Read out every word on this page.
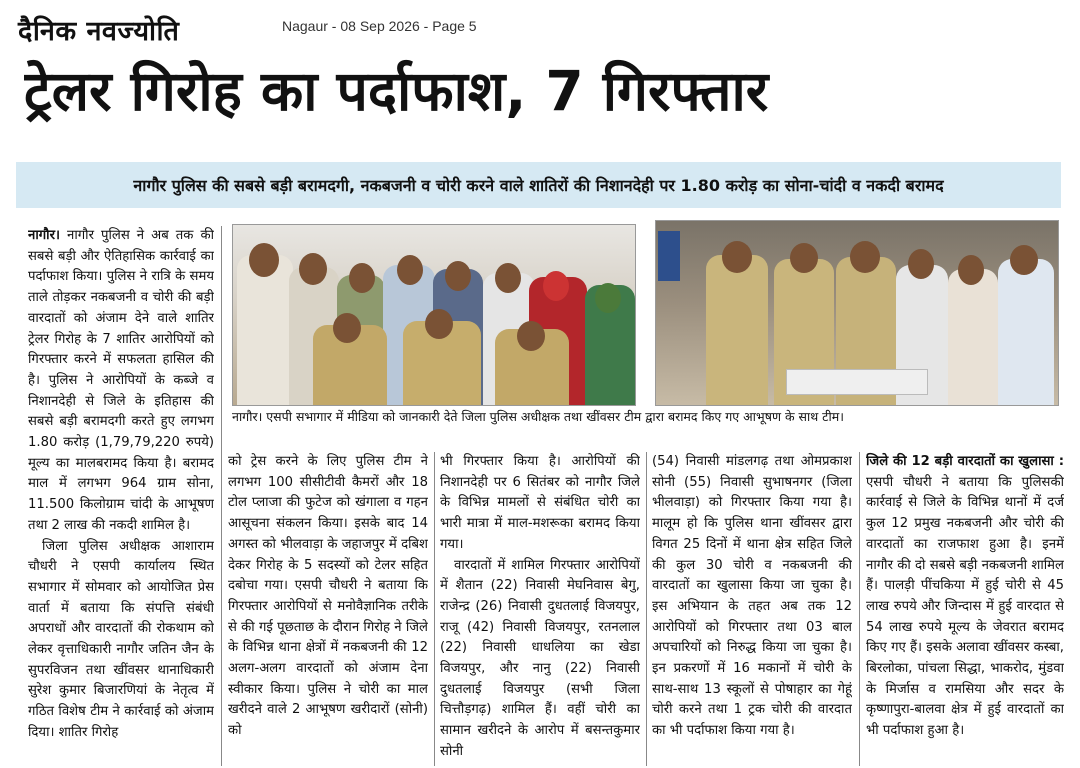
दैनिक नवज्योति	Nagaur - 08 Sep 2026 - Page 5
ट्रेलर गिरोह का पर्दाफाश, 7 गिरफ्तार
नागौर पुलिस की सबसे बड़ी बरामदगी, नकबजनी व चोरी करने वाले शातिरों की निशानदेही पर 1.80 करोड़ का सोना-चांदी व नकदी बरामद
नागौर। एसपी सभागार में मीडिया को जानकारी देते जिला पुलिस अधीक्षक तथा खींवसर टीम द्वारा बरामद किए गए आभूषण के साथ टीम।

नागौर। नागौर पुलिस ने अब तक की सबसे बड़ी और ऐतिहासिक कार्रवाई का पर्दाफाश किया। पुलिस ने रात्रि के समय ताले तोड़कर नकबजनी व चोरी की बड़ी वारदातों को अंजाम देने वाले शातिर ट्रेलर गिरोह के 7 शातिर आरोपियों को गिरफ्तार करने में सफलता हासिल की है। पुलिस ने आरोपियों के कब्जे व निशानदेही से जिले के इतिहास की सबसे बड़ी बरामदगी करते हुए लगभग 1.80 करोड़ (1,79,79,220 रुपये) मूल्य का मालबरामद किया है। बरामद माल में लगभग 964 ग्राम सोना, 11.500 किलोग्राम चांदी के आभूषण तथा 2 लाख की नकदी शामिल है।

जिला पुलिस अधीक्षक आशाराम चौधरी ने एसपी कार्यालय स्थित सभागार में सोमवार को आयोजित प्रेस वार्ता में बताया कि संपत्ति संबंधी अपराधों और वारदातों की रोकथाम को लेकर वृत्ताधिकारी नागौर जतिन जैन के सुपरविजन तथा खींवसर थानाधिकारी सुरेश कुमार बिजारणियां के नेतृत्व में गठित विशेष टीम ने कार्रवाई को अंजाम दिया। शातिर गिरोह

को ट्रेस करने के लिए पुलिस टीम ने लगभग 100 सीसीटीवी कैमरों और 18 टोल प्लाजा की फुटेज को खंगाला व गहन आसूचना संकलन किया। इसके बाद 14 अगस्त को भीलवाड़ा के जहाजपुर में दबिश देकर गिरोह के 5 सदस्यों को टेलर सहित दबोचा गया। एसपी चौधरी ने बताया कि गिरफ्तार आरोपियों से मनोवैज्ञानिक तरीके से की गई पूछताछ के दौरान गिरोह ने जिले के विभिन्न थाना क्षेत्रों में नकबजनी की 12 अलग-अलग वारदातों को अंजाम देना स्वीकार किया। पुलिस ने चोरी का माल खरीदने वाले 2 आभूषण खरीदारों (सोनी) को

भी गिरफ्तार किया है। आरोपियों की निशानदेही पर 6 सितंबर को नागौर जिले के विभिन्न मामलों से संबंधित चोरी का भारी मात्रा में माल-मशरूका बरामद किया गया।

वारदातों में शामिल गिरफ्तार आरोपियों में शैतान (22) निवासी मेघनिवास बेगु, राजेन्द्र (26) निवासी दुधतलाई विजयपुर, राजू (42) निवासी विजयपुर, रतनलाल (22) निवासी धाधलिया का खेडा विजयपुर, और नानु (22) निवासी दुधतलाई विजयपुर (सभी जिला चित्तौड़गढ़) शामिल हैं। वहीं चोरी का सामान खरीदने के आरोप में बसन्तकुमार सोनी

(54) निवासी मांडलगढ़ तथा ओमप्रकाश सोनी (55) निवासी सुभाषनगर (जिला भीलवाड़ा) को गिरफ्तार किया गया है। मालूम हो कि पुलिस थाना खींवसर द्वारा विगत 25 दिनों में थाना क्षेत्र सहित जिले की कुल 30 चोरी व नकबजनी की वारदातों का खुलासा किया जा चुका है। इस अभियान के तहत अब तक 12 आरोपियों को गिरफ्तार तथा 03 बाल अपचारियों को निरुद्ध किया जा चुका है। इन प्रकरणों में 16 मकानों में चोरी के साथ-साथ 13 स्कूलों से पोषाहार का गेहूं चोरी करने तथा 1 ट्रक चोरी की वारदात का भी पर्दाफाश किया गया है।

जिले की 12 बड़ी वारदातों का खुलासा : एसपी चौधरी ने बताया कि पुलिसकी कार्रवाई से जिले के विभिन्न थानों में दर्ज कुल 12 प्रमुख नकबजनी और चोरी की वारदातों का राजफाश हुआ है। इनमें नागौर की दो सबसे बड़ी नकबजनी शामिल हैं। पालड़ी पींचकिया में हुई चोरी से 45 लाख रुपये और जिन्दास में हुई वारदात से 54 लाख रुपये मूल्य के जेवरात बरामद किए गए हैं। इसके अलावा खींवसर कस्बा, बिरलोका, पांचला सिद्धा, भाकरोद, मुंडवा के मिर्जास व रामसिया और सदर के कृष्णापुरा-बालवा क्षेत्र में हुई वारदातों का भी पर्दाफाश हुआ है।
